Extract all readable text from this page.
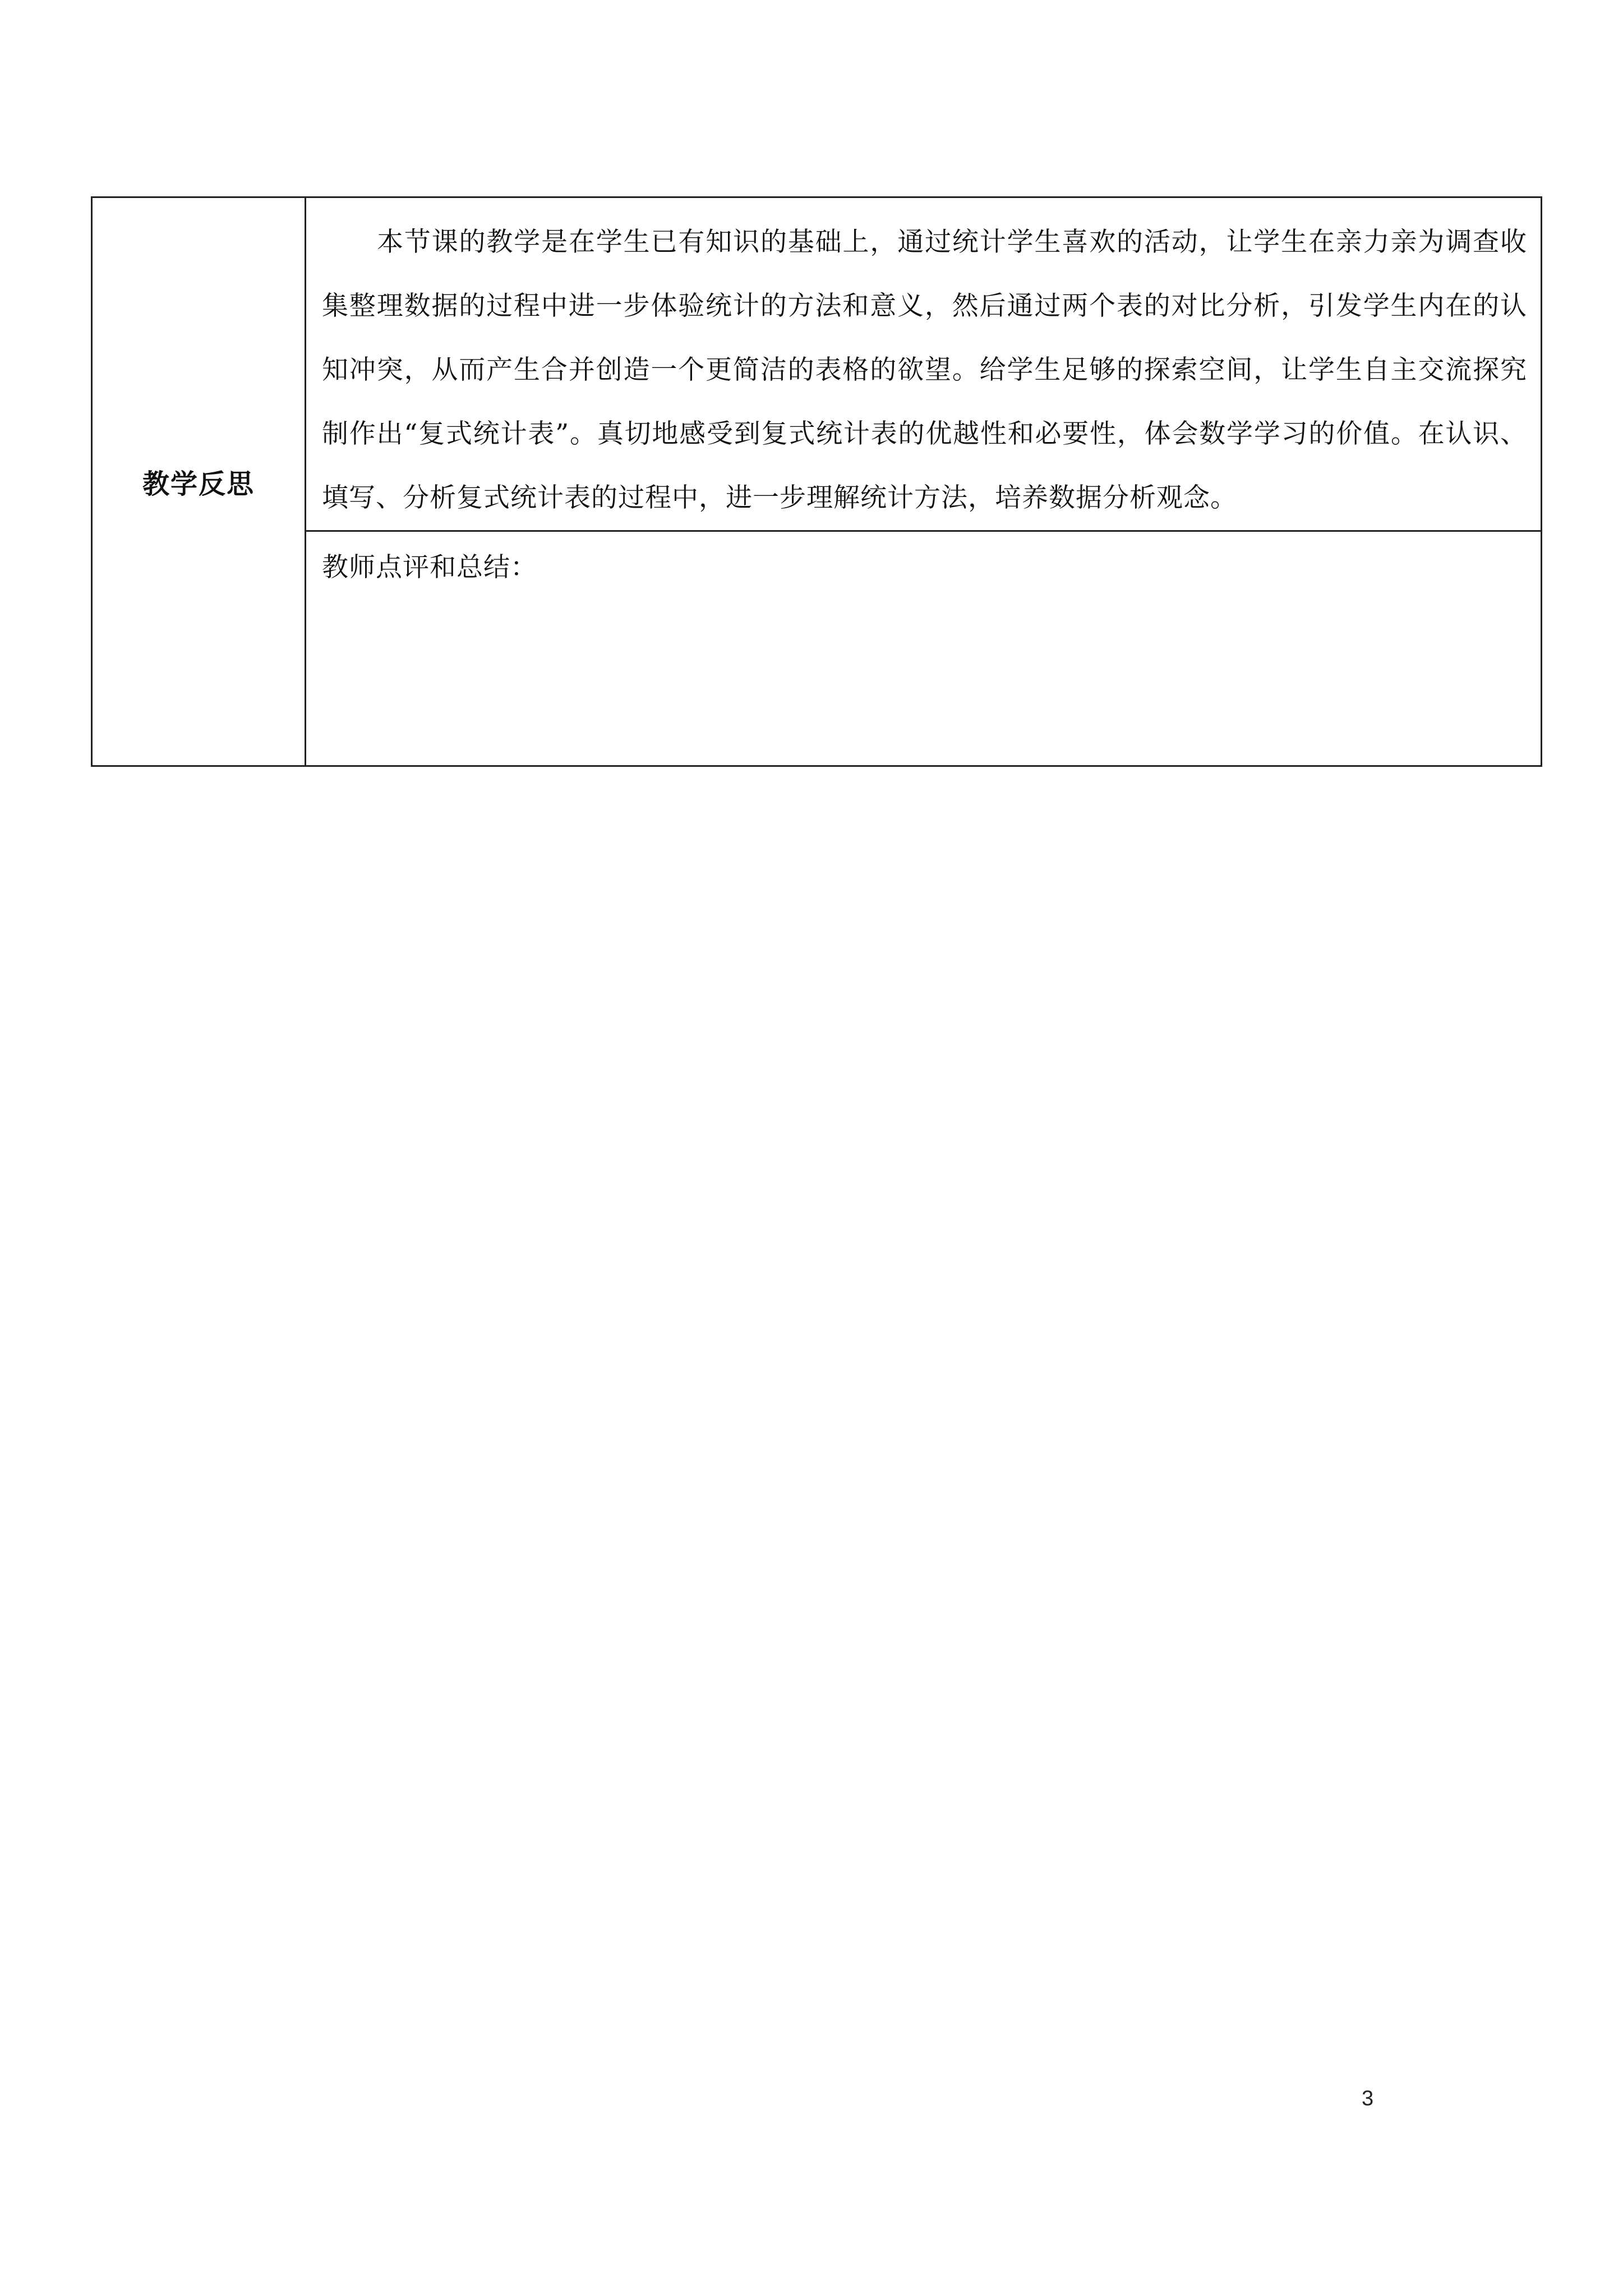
教学反思	

本节课的教学是在学生已有知识的基础上，通过统计学生喜欢的活动，让学生在亲力亲为调查收集整理数据的过程中进一步体验统计的方法和意义，然后通过两个表的对比分析，引发学生内在的认知冲突，从而产生合并创造一个更简洁的表格的欲望。给学生足够的探索空间，让学生自主交流探究制作出“复式统计表”。真切地感受到复式统计表的优越性和必要性，体会数学学习的价值。在认识、填写、分析复式统计表的过程中，进一步理解统计方法，培养数据分析观念。

教师点评和总结：
3
